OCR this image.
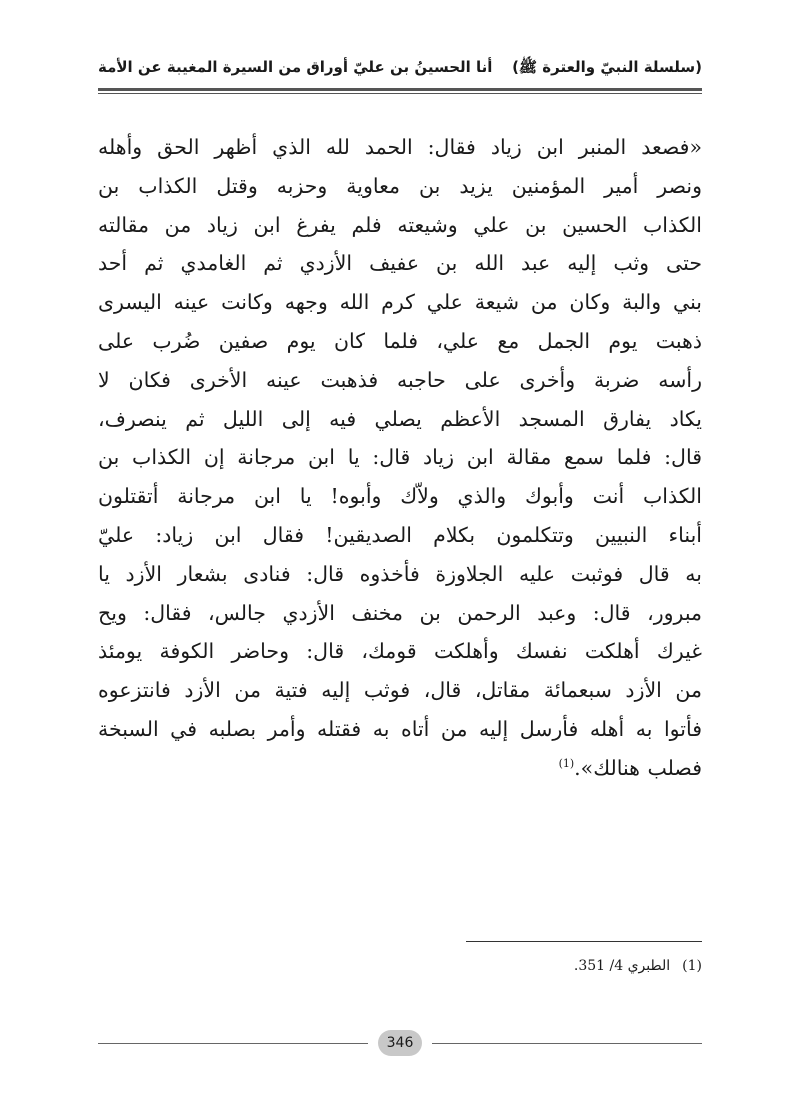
(سلسلة النبيّ والعترة ﷺ)
أنا الحسينُ بن عليّ أوراق من السيرة المغيبة عن الأمة
«فصعد المنبر ابن زياد فقال: الحمد لله الذي أظهر الحق وأهله
ونصر أمير المؤمنين يزيد بن معاوية وحزبه وقتل الكذاب بن
الكذاب الحسين بن علي وشيعته فلم يفرغ ابن زياد من مقالته
حتى وثب إليه عبد الله بن عفيف الأزدي ثم الغامدي ثم أحد
بني والبة وكان من شيعة علي كرم الله وجهه وكانت عينه اليسرى
ذهبت يوم الجمل مع علي، فلما كان يوم صفين ضُرب على
رأسه ضربة وأخرى على حاجبه فذهبت عينه الأخرى فكان لا
يكاد يفارق المسجد الأعظم يصلي فيه إلى الليل ثم ينصرف،
قال: فلما سمع مقالة ابن زياد قال: يا ابن مرجانة إن الكذاب بن
الكذاب أنت وأبوك والذي ولاّك وأبوه! يا ابن مرجانة أتقتلون
أبناء النبيين وتتكلمون بكلام الصديقين! فقال ابن زياد: عليّ
به قال فوثبت عليه الجلاوزة فأخذوه قال: فنادى بشعار الأزد يا
مبرور، قال: وعبد الرحمن بن مخنف الأزدي جالس، فقال: ويح
غيرك أهلكت نفسك وأهلكت قومك، قال: وحاضر الكوفة يومئذ
من الأزد سبعمائة مقاتل، قال، فوثب إليه فتية من الأزد فانتزعوه
فأتوا به أهله فأرسل إليه من أتاه به فقتله وأمر بصلبه في السبخة
فصلب هنالك».$^{(1)}$
(1)الطبري 4/ 351.
346
